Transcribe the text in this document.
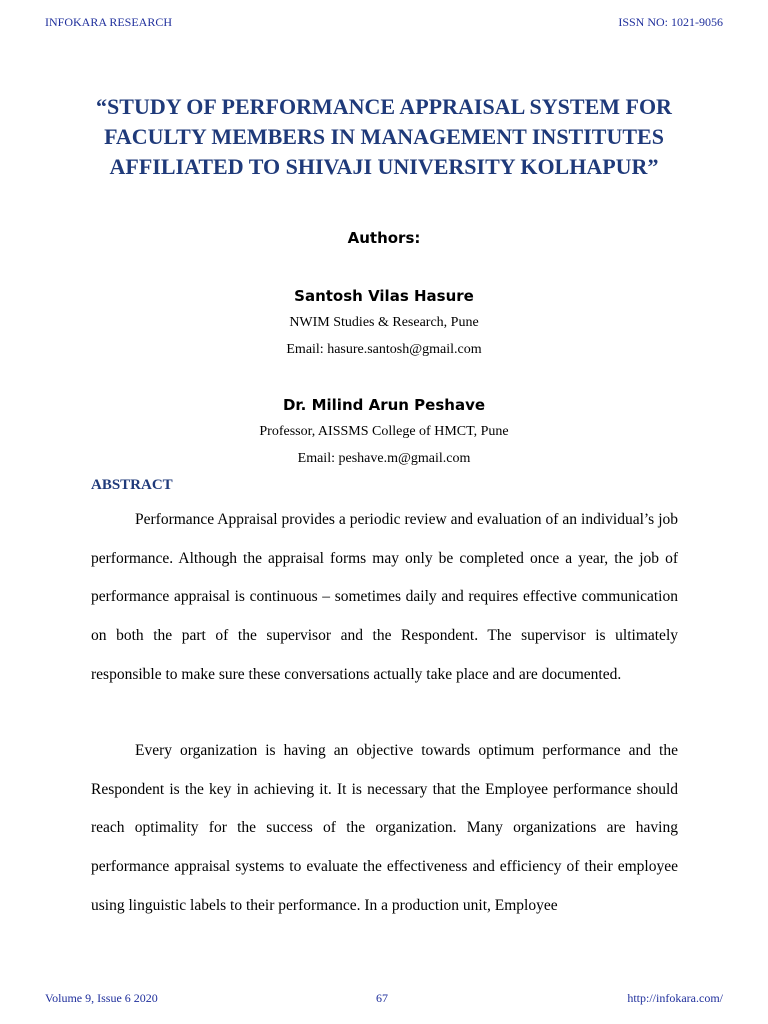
INFOKARA RESEARCH	ISSN NO: 1021-9056
“STUDY OF PERFORMANCE APPRAISAL SYSTEM FOR FACULTY MEMBERS IN MANAGEMENT INSTITUTES AFFILIATED TO SHIVAJI UNIVERSITY KOLHAPUR”
Authors:
Santosh Vilas Hasure
NWIM Studies & Research, Pune
Email: hasure.santosh@gmail.com
Dr. Milind Arun Peshave
Professor, AISSMS College of HMCT, Pune
Email: peshave.m@gmail.com
ABSTRACT

Performance Appraisal provides a periodic review and evaluation of an individual’s job performance. Although the appraisal forms may only be completed once a year, the job of performance appraisal is continuous – sometimes daily and requires effective communication on both the part of the supervisor and the Respondent. The supervisor is ultimately responsible to make sure these conversations actually take place and are documented.

Every organization is having an objective towards optimum performance and the Respondent is the key in achieving it. It is necessary that the Employee performance should reach optimality for the success of the organization. Many organizations are having performance appraisal systems to evaluate the effectiveness and efficiency of their employee using linguistic labels to their performance. In a production unit, Employee

Volume 9, Issue 6 2020	67	http://infokara.com/
